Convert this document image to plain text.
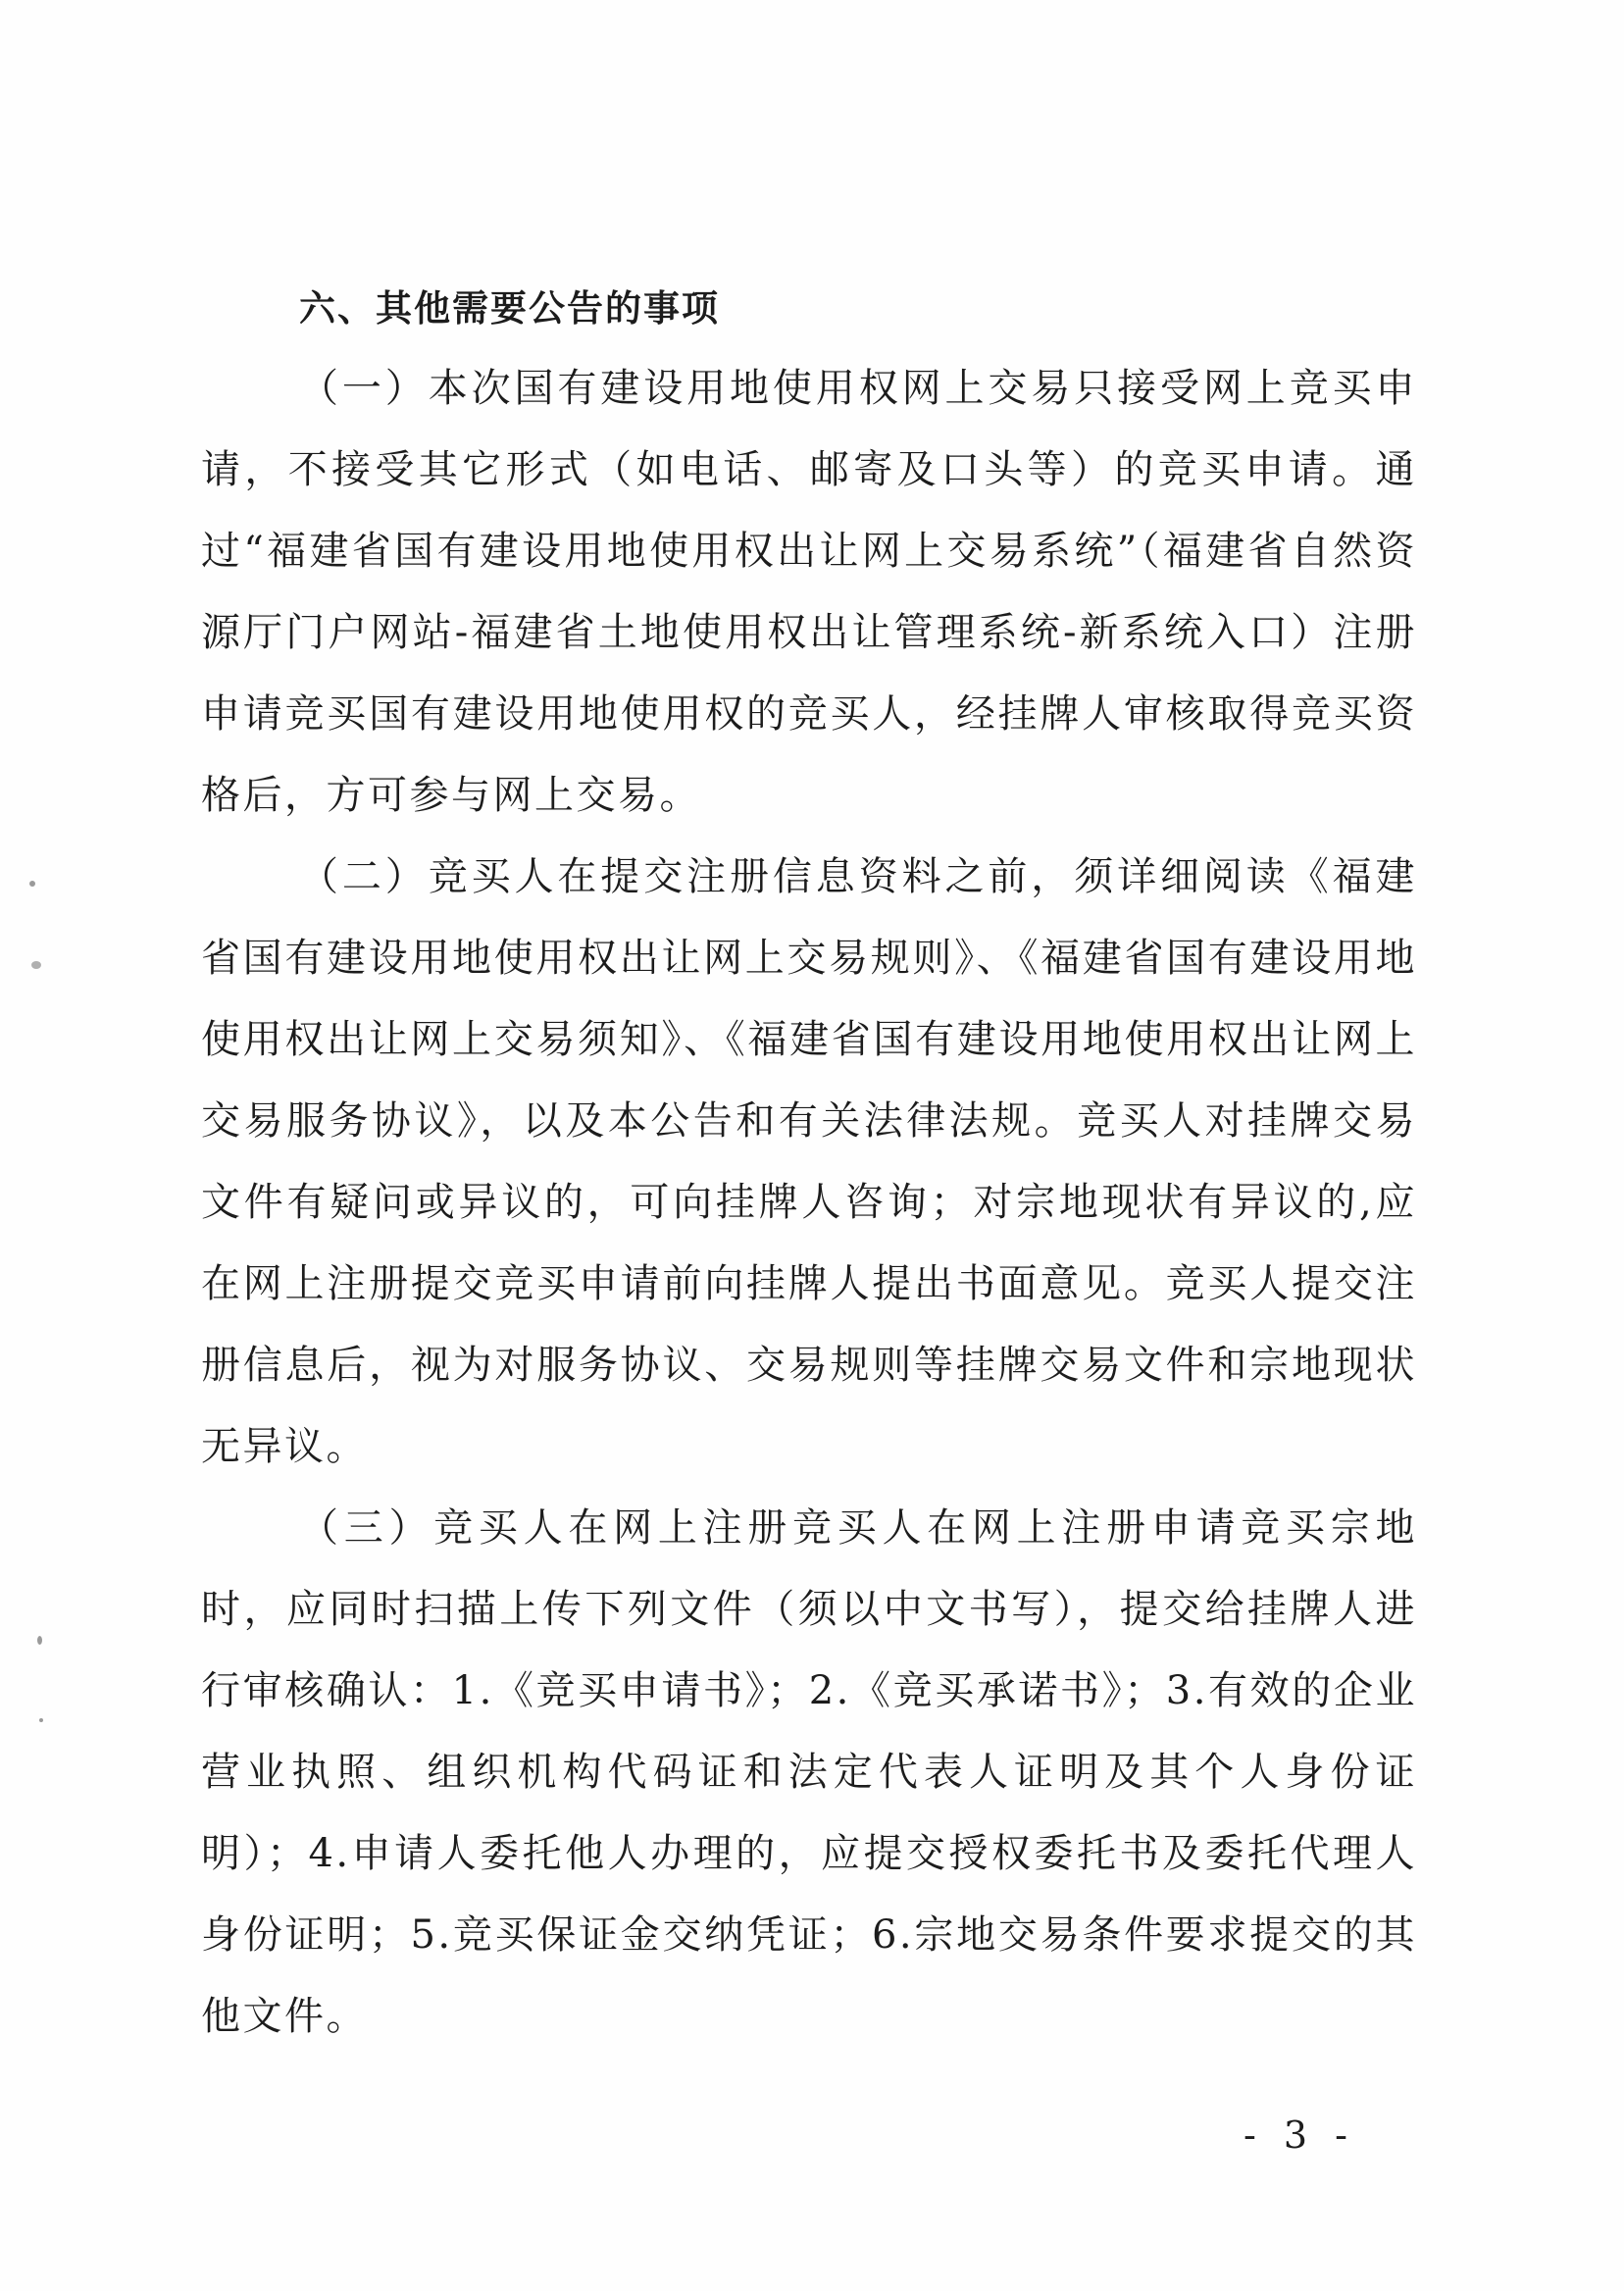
六、其他需要公告的事项

（一）本次国有建设用地使用权网上交易只接受网上竞买申请，不接受其它形式（如电话、邮寄及口头等）的竞买申请。通过“福建省国有建设用地使用权出让网上交易系统”（福建省自然资源厅门户网站-福建省土地使用权出让管理系统-新系统入口）注册申请竞买国有建设用地使用权的竞买人，经挂牌人审核取得竞买资格后，方可参与网上交易。

（二）竞买人在提交注册信息资料之前，须详细阅读《福建省国有建设用地使用权出让网上交易规则》、《福建省国有建设用地使用权出让网上交易须知》、《福建省国有建设用地使用权出让网上交易服务协议》，以及本公告和有关法律法规。竞买人对挂牌交易文件有疑问或异议的，可向挂牌人咨询；对宗地现状有异议的,应在网上注册提交竞买申请前向挂牌人提出书面意见。竞买人提交注册信息后，视为对服务协议、交易规则等挂牌交易文件和宗地现状无异议。

（三）竞买人在网上注册竞买人在网上注册申请竞买宗地时，应同时扫描上传下列文件（须以中文书写），提交给挂牌人进行审核确认：1.《竞买申请书》；2.《竞买承诺书》；3.有效的企业营业执照、组织机构代码证和法定代表人证明及其个人身份证明）；4.申请人委托他人办理的，应提交授权委托书及委托代理人身份证明；5.竞买保证金交纳凭证；6.宗地交易条件要求提交的其他文件。

- 3 -
